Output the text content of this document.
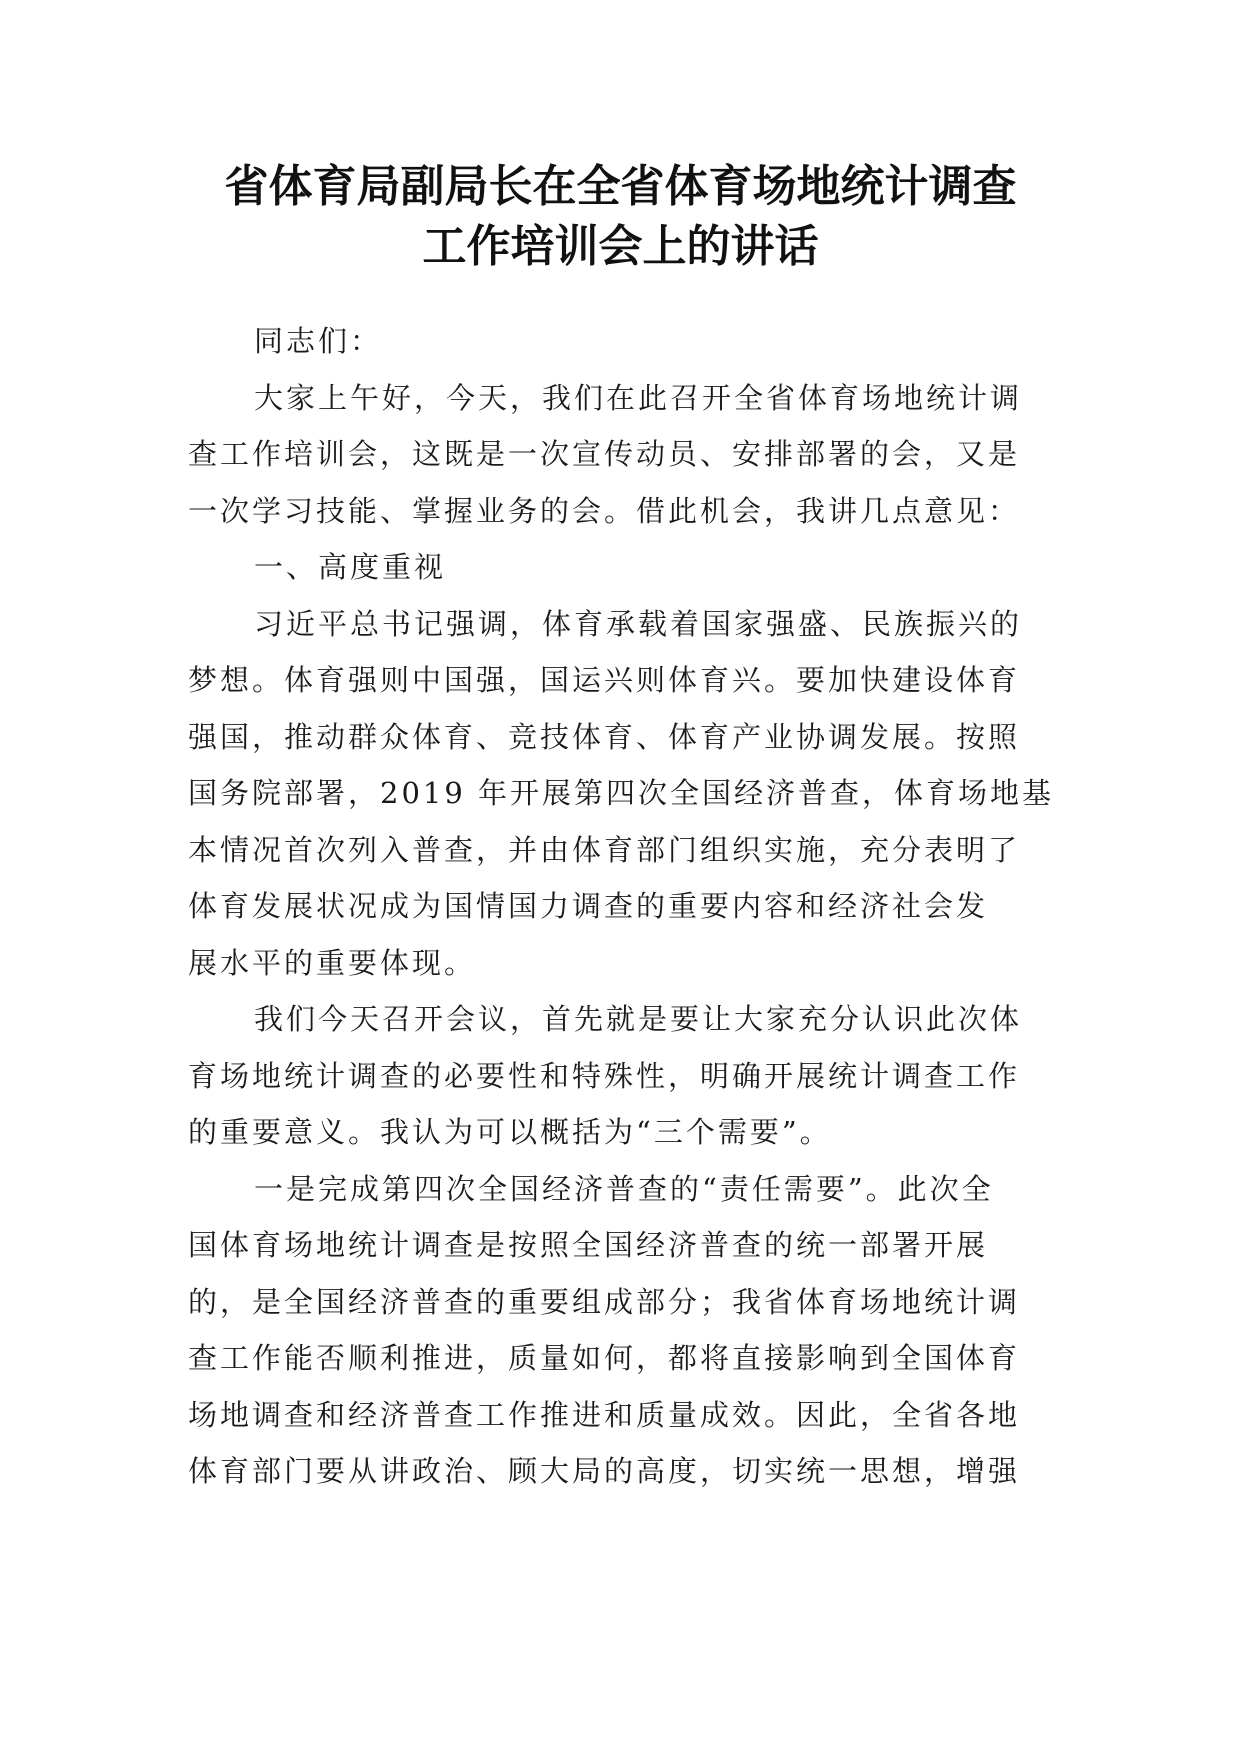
省体育局副局长在全省体育场地统计调查
工作培训会上的讲话
同志们：
大家上午好，今天，我们在此召开全省体育场地统计调
查工作培训会，这既是一次宣传动员、安排部署的会，又是
一次学习技能、掌握业务的会。借此机会，我讲几点意见：
一、高度重视
习近平总书记强调，体育承载着国家强盛、民族振兴的
梦想。体育强则中国强，国运兴则体育兴。要加快建设体育
强国，推动群众体育、竞技体育、体育产业协调发展。按照
国务院部署，2019 年开展第四次全国经济普查，体育场地基
本情况首次列入普查，并由体育部门组织实施，充分表明了
体育发展状况成为国情国力调查的重要内容和经济社会发
展水平的重要体现。
我们今天召开会议，首先就是要让大家充分认识此次体
育场地统计调查的必要性和特殊性，明确开展统计调查工作
的重要意义。我认为可以概括为“三个需要”。
一是完成第四次全国经济普查的“责任需要”。此次全
国体育场地统计调查是按照全国经济普查的统一部署开展
的，是全国经济普查的重要组成部分；我省体育场地统计调
查工作能否顺利推进，质量如何，都将直接影响到全国体育
场地调查和经济普查工作推进和质量成效。因此，全省各地
体育部门要从讲政治、顾大局的高度，切实统一思想，增强
